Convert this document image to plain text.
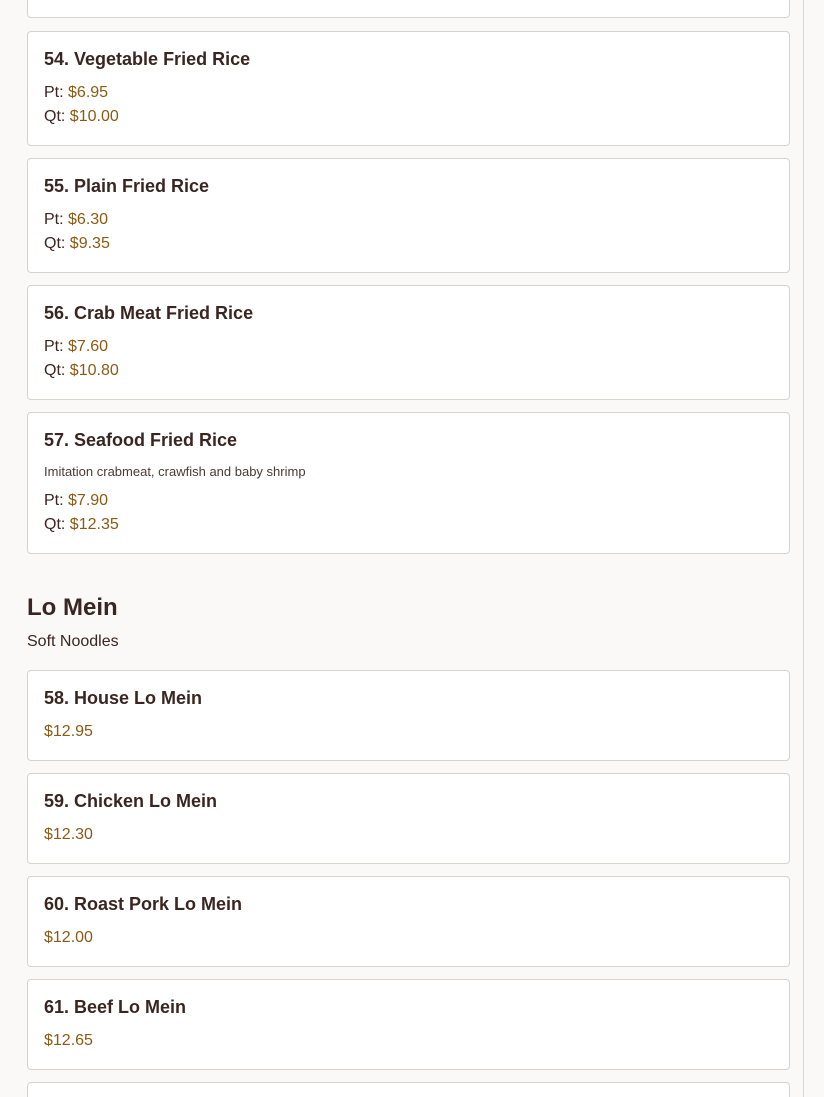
54. Vegetable Fried Rice
Pt: $6.95
Qt: $10.00
55. Plain Fried Rice
Pt: $6.30
Qt: $9.35
56. Crab Meat Fried Rice
Pt: $7.60
Qt: $10.80
57. Seafood Fried Rice
Imitation crabmeat, crawfish and baby shrimp
Pt: $7.90
Qt: $12.35
Lo Mein
Soft Noodles
58. House Lo Mein
$12.95
59. Chicken Lo Mein
$12.30
60. Roast Pork Lo Mein
$12.00
61. Beef Lo Mein
$12.65
